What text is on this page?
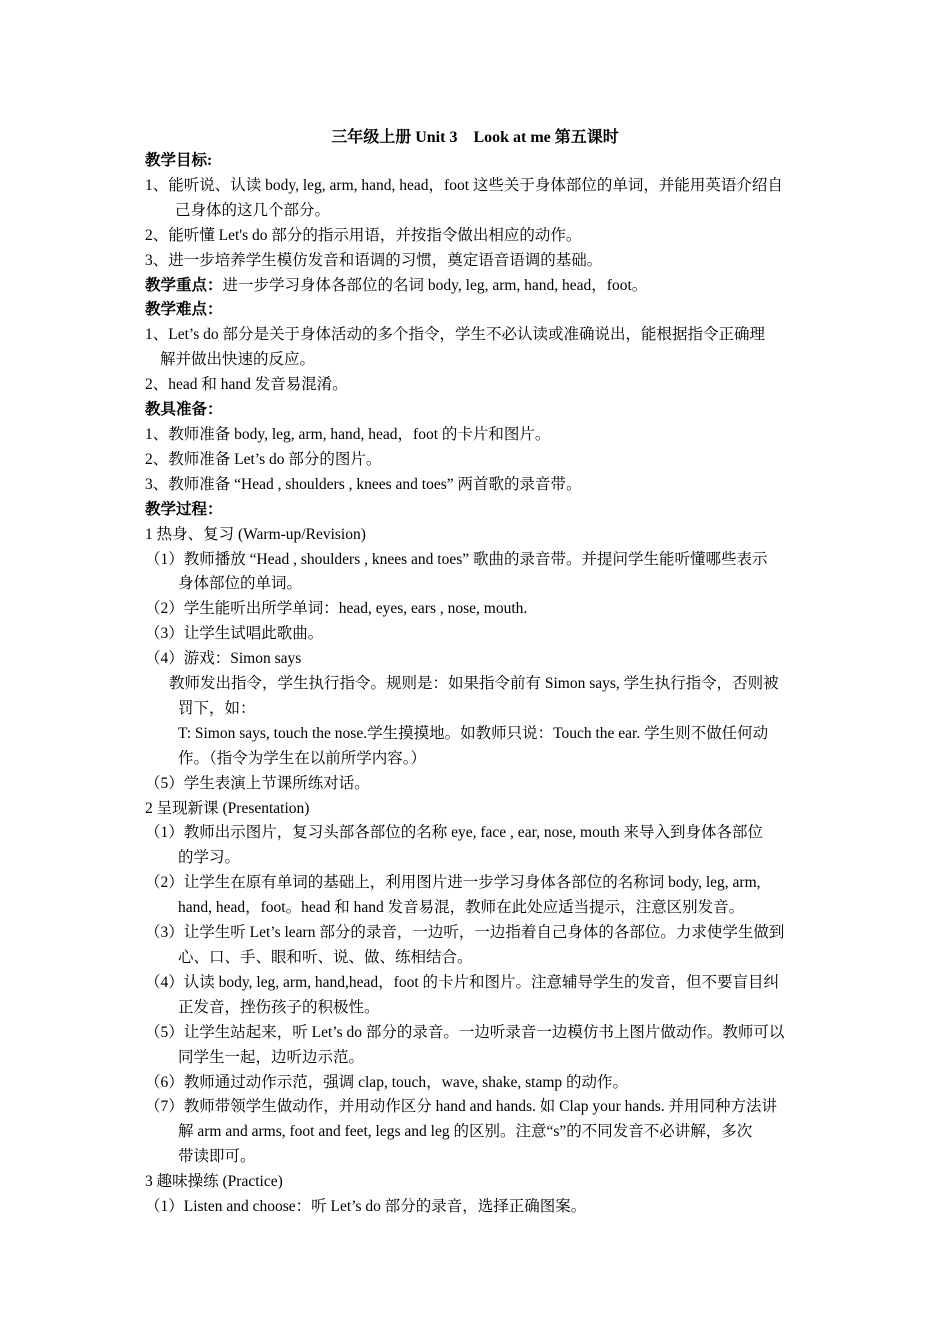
三年级上册 Unit 3　Look at me 第五课时
教学目标:
1、能听说、认读 body, leg, arm, hand, head，foot 这些关于身体部位的单词，并能用英语介绍自
己身体的这几个部分。
2、能听懂 Let's do 部分的指示用语，并按指令做出相应的动作。
3、进一步培养学生模仿发音和语调的习惯，奠定语音语调的基础。
教学重点：进一步学习身体各部位的名词 body, leg, arm, hand, head，foot。
教学难点：
1、Let’s do 部分是关于身体活动的多个指令，学生不必认读或准确说出，能根据指令正确理
解并做出快速的反应。
2、head 和 hand 发音易混淆。
教具准备：
1、教师准备 body, leg, arm, hand, head，foot 的卡片和图片。
2、教师准备 Let’s do 部分的图片。
3、教师准备 “Head , shoulders , knees and toes” 两首歌的录音带。
教学过程：
1 热身、复习 (Warm-up/Revision)
（1）教师播放 “Head , shoulders , knees and toes” 歌曲的录音带。并提问学生能听懂哪些表示
身体部位的单词。
（2）学生能听出所学单词：head, eyes, ears , nose, mouth.
（3）让学生试唱此歌曲。
（4）游戏：Simon says
教师发出指令，学生执行指令。规则是：如果指令前有 Simon says, 学生执行指令，否则被
罚下，如：
T: Simon says, touch the nose.学生摸摸地。如教师只说：Touch the ear. 学生则不做任何动
作。（指令为学生在以前所学内容。）
（5）学生表演上节课所练对话。
2 呈现新课 (Presentation)
（1）教师出示图片，复习头部各部位的名称 eye, face , ear, nose, mouth 来导入到身体各部位
的学习。
（2）让学生在原有单词的基础上，利用图片进一步学习身体各部位的名称词 body, leg, arm,
hand, head，foot。head 和 hand 发音易混，教师在此处应适当提示，注意区别发音。
（3）让学生听 Let’s learn 部分的录音，一边听，一边指着自己身体的各部位。力求使学生做到
心、口、手、眼和听、说、做、练相结合。
（4）认读 body, leg, arm, hand,head，foot 的卡片和图片。注意辅导学生的发音，但不要盲目纠
正发音，挫伤孩子的积极性。
（5）让学生站起来，听 Let’s do 部分的录音。一边听录音一边模仿书上图片做动作。教师可以
同学生一起，边听边示范。
（6）教师通过动作示范，强调 clap, touch，wave, shake, stamp 的动作。
（7）教师带领学生做动作，并用动作区分 hand and hands. 如 Clap your hands. 并用同种方法讲
解 arm and arms, foot and feet, legs and leg 的区别。注意“s”的不同发音不必讲解，多次
带读即可。
3 趣味操练 (Practice)
（1）Listen and choose：听 Let’s do 部分的录音，选择正确图案。
